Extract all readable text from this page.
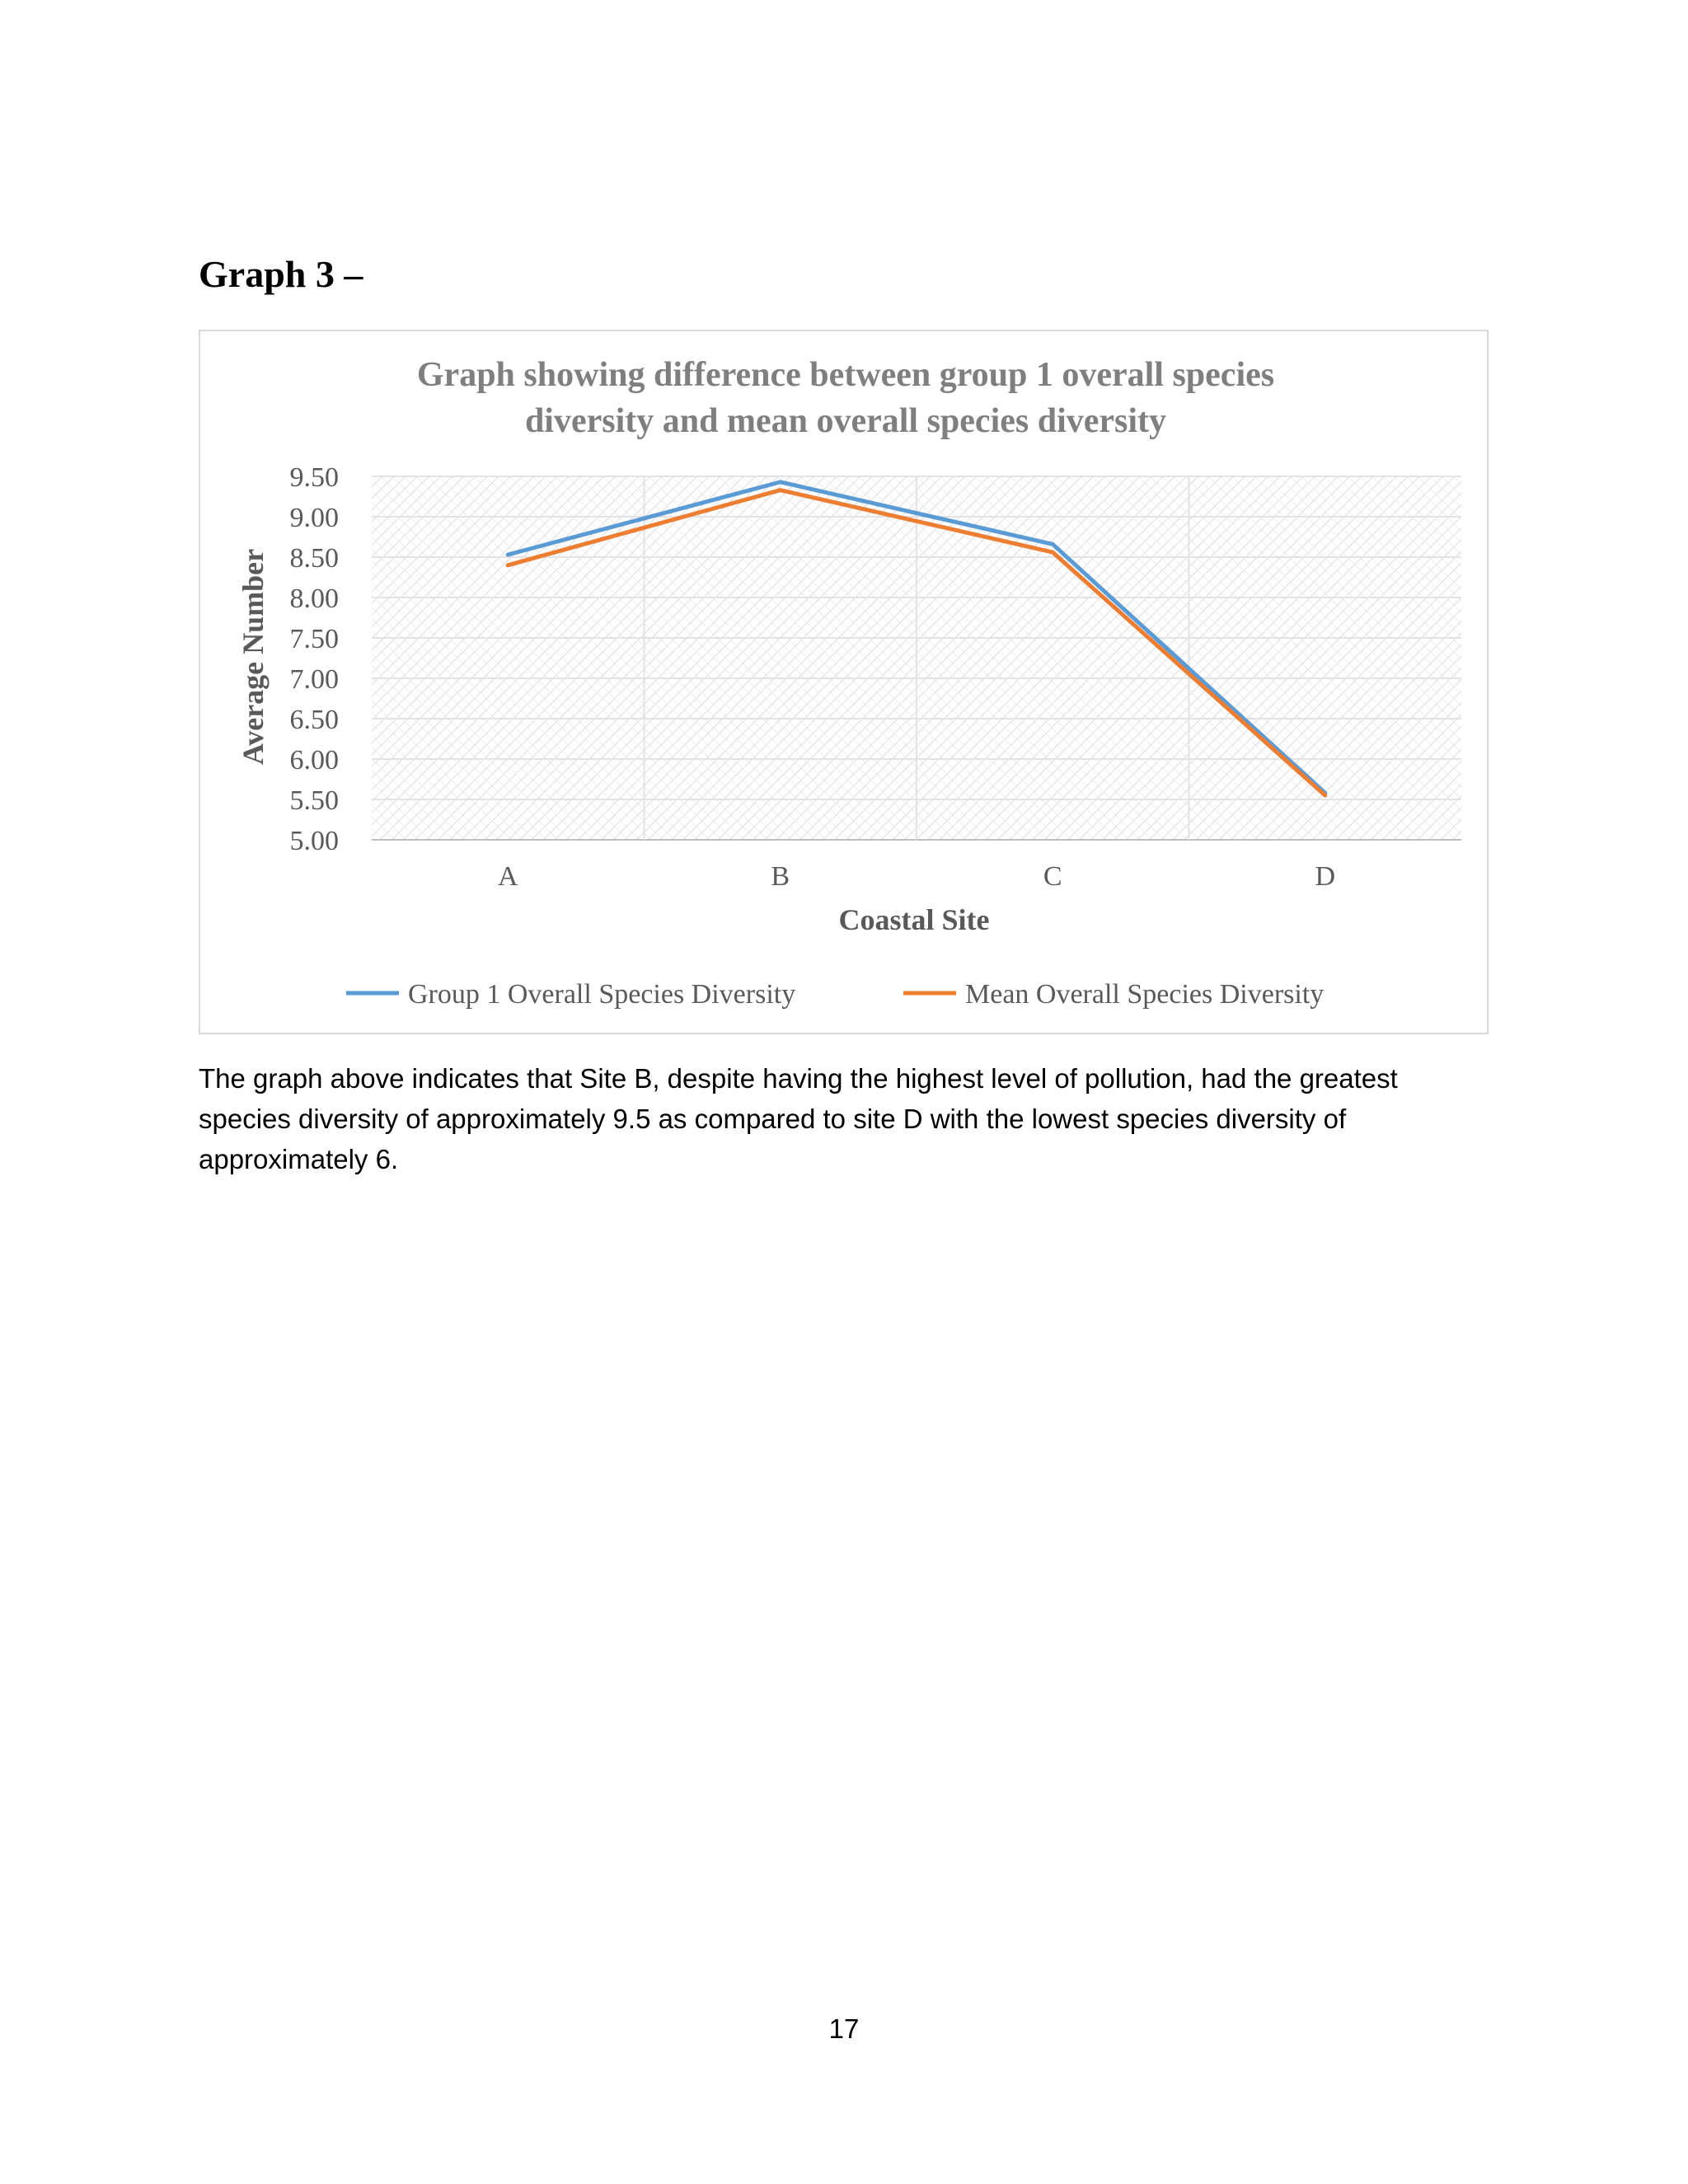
Graph 3 –
Graph showing difference between group 1 overall species
diversity and mean overall species diversity
9.50
9.00
8.50
8.00
7.50
7.00
6.50
6.00
5.50
5.00
A	B	C	D
Average Number
Coastal Site
Group 1 Overall Species Diversity	Mean Overall Species Diversity
The graph above indicates that Site B, despite having the highest level of pollution, had the greatest species diversity of approximately 9.5 as compared to site D with the lowest species diversity of approximately 6.
17
